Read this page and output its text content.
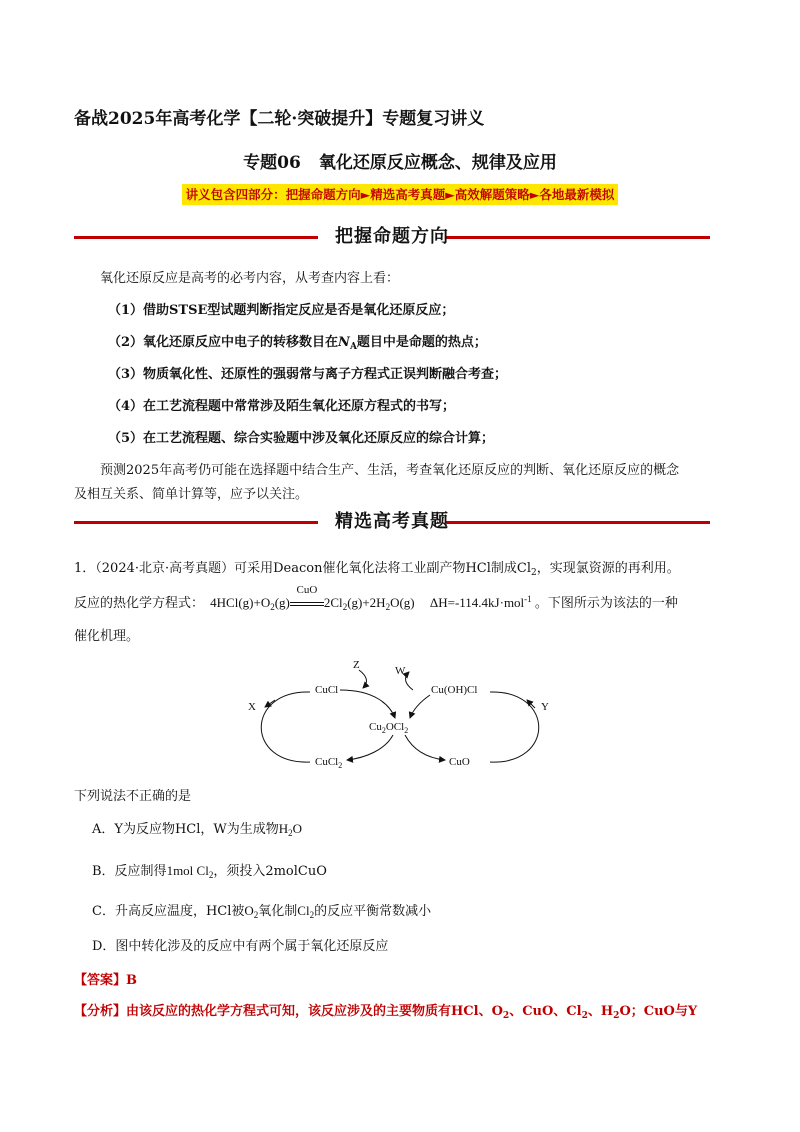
备战2025年高考化学【二轮·突破提升】专题复习讲义
专题06 氧化还原反应概念、规律及应用
讲义包含四部分：把握命题方向►精选高考真题►高效解题策略►各地最新模拟
把握命题方向
氧化还原反应是高考的必考内容，从考查内容上看：
（1）借助STSE型试题判断指定反应是否是氧化还原反应；
（2）氧化还原反应中电子的转移数目在$N_A$题目中是命题的热点；
（3）物质氧化性、还原性的强弱常与离子方程式正误判断融合考查；
（4）在工艺流程题中常常涉及陌生氧化还原方程式的书写；
（5）在工艺流程题、综合实验题中涉及氧化还原反应的综合计算；
预测2025年高考仍可能在选择题中结合生产、生活，考查氧化还原反应的判断、氧化还原反应的概念
及相互关系、简单计算等，应予以关注。
精选高考真题
1．（2024·北京·高考真题）可采用Deacon催化氧化法将工业副产物HCl制成$Cl_2$，实现氯资源的再利用。
反应的热化学方程式： $4HCl(g)+O_2(g)$
CuO
$2Cl_2(g)+2H_2O(g)$ ΔH=-114.4kJ·mol$^{-1}$ 。下图所示为该法的一种
催化机理。
CuCl	Cu(OH)Cl
$Cu_2OCl_2$
CuCl$_2$	CuO
X	Y
Z	W
下列说法不正确的是
A．Y为反应物HCl，W为生成物$H_2O$
B．反应制得1mol $Cl_2$，须投入2molCuO
C．升高反应温度，HCl被$O_2$氧化制$Cl_2$的反应平衡常数减小
D．图中转化涉及的反应中有两个属于氧化还原反应
【答案】B
【分析】由该反应的热化学方程式可知，该反应涉及的主要物质有HCl、$O_2$、CuO、$Cl_2$、$H_2O$；CuO与Y
